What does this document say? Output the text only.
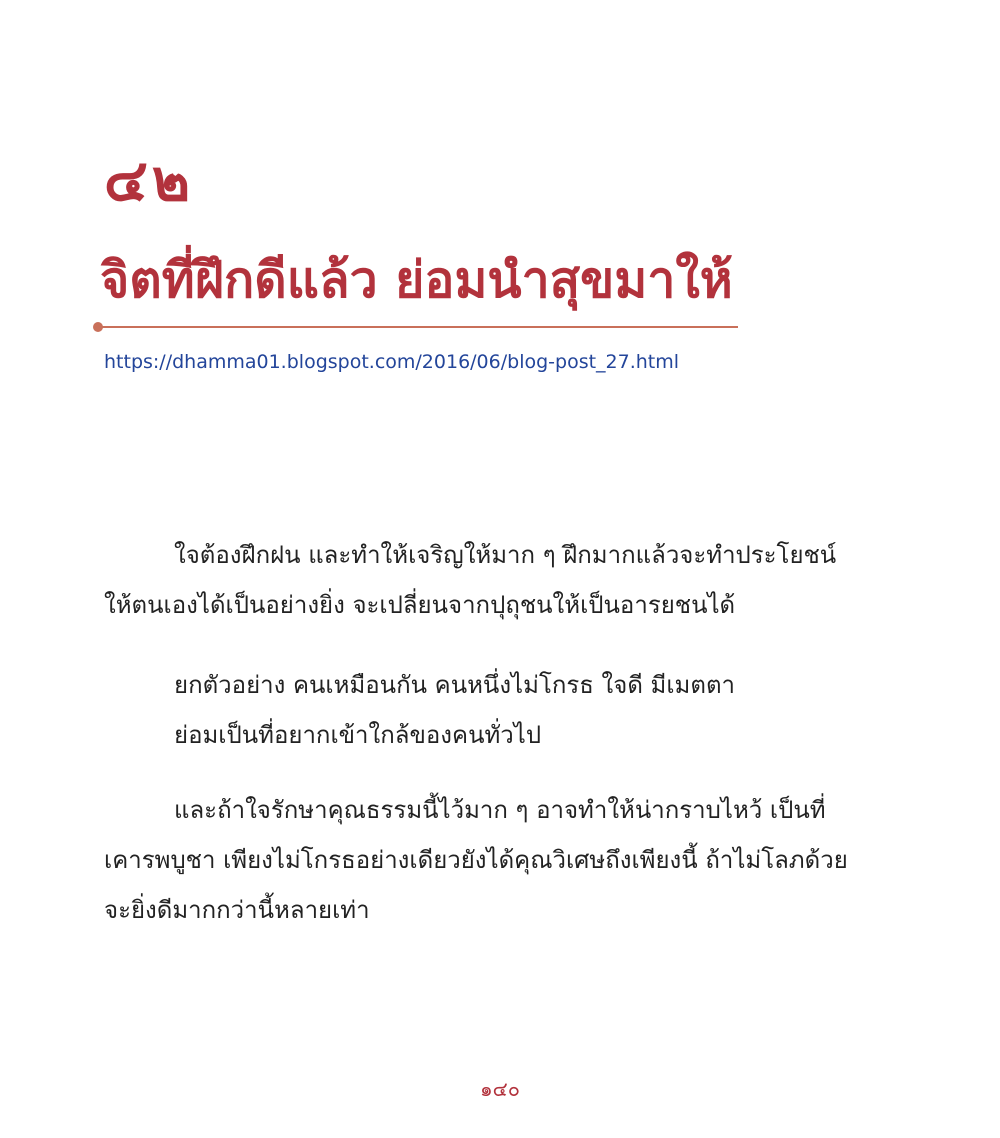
๔๒
จิตที่ฝึกดีแล้ว ย่อมนำสุขมาให้
https://dhamma01.blogspot.com/2016/06/blog-post_27.html

ใจต้องฝึกฝน และทำให้เจริญให้มาก ๆ ฝึกมากแล้วจะทำประโยชน์
ให้ตนเองได้เป็นอย่างยิ่ง จะเปลี่ยนจากปุถุชนให้เป็นอารยชนได้

ยกตัวอย่าง คนเหมือนกัน คนหนึ่งไม่โกรธ ใจดี มีเมตตา
ย่อมเป็นที่อยากเข้าใกล้ของคนทั่วไป

และถ้าใจรักษาคุณธรรมนี้ไว้มาก ๆ อาจทำให้น่ากราบไหว้ เป็นที่
เคารพบูชา เพียงไม่โกรธอย่างเดียวยังได้คุณวิเศษถึงเพียงนี้ ถ้าไม่โลภด้วย
จะยิ่งดีมากกว่านี้หลายเท่า

๑๔๐
